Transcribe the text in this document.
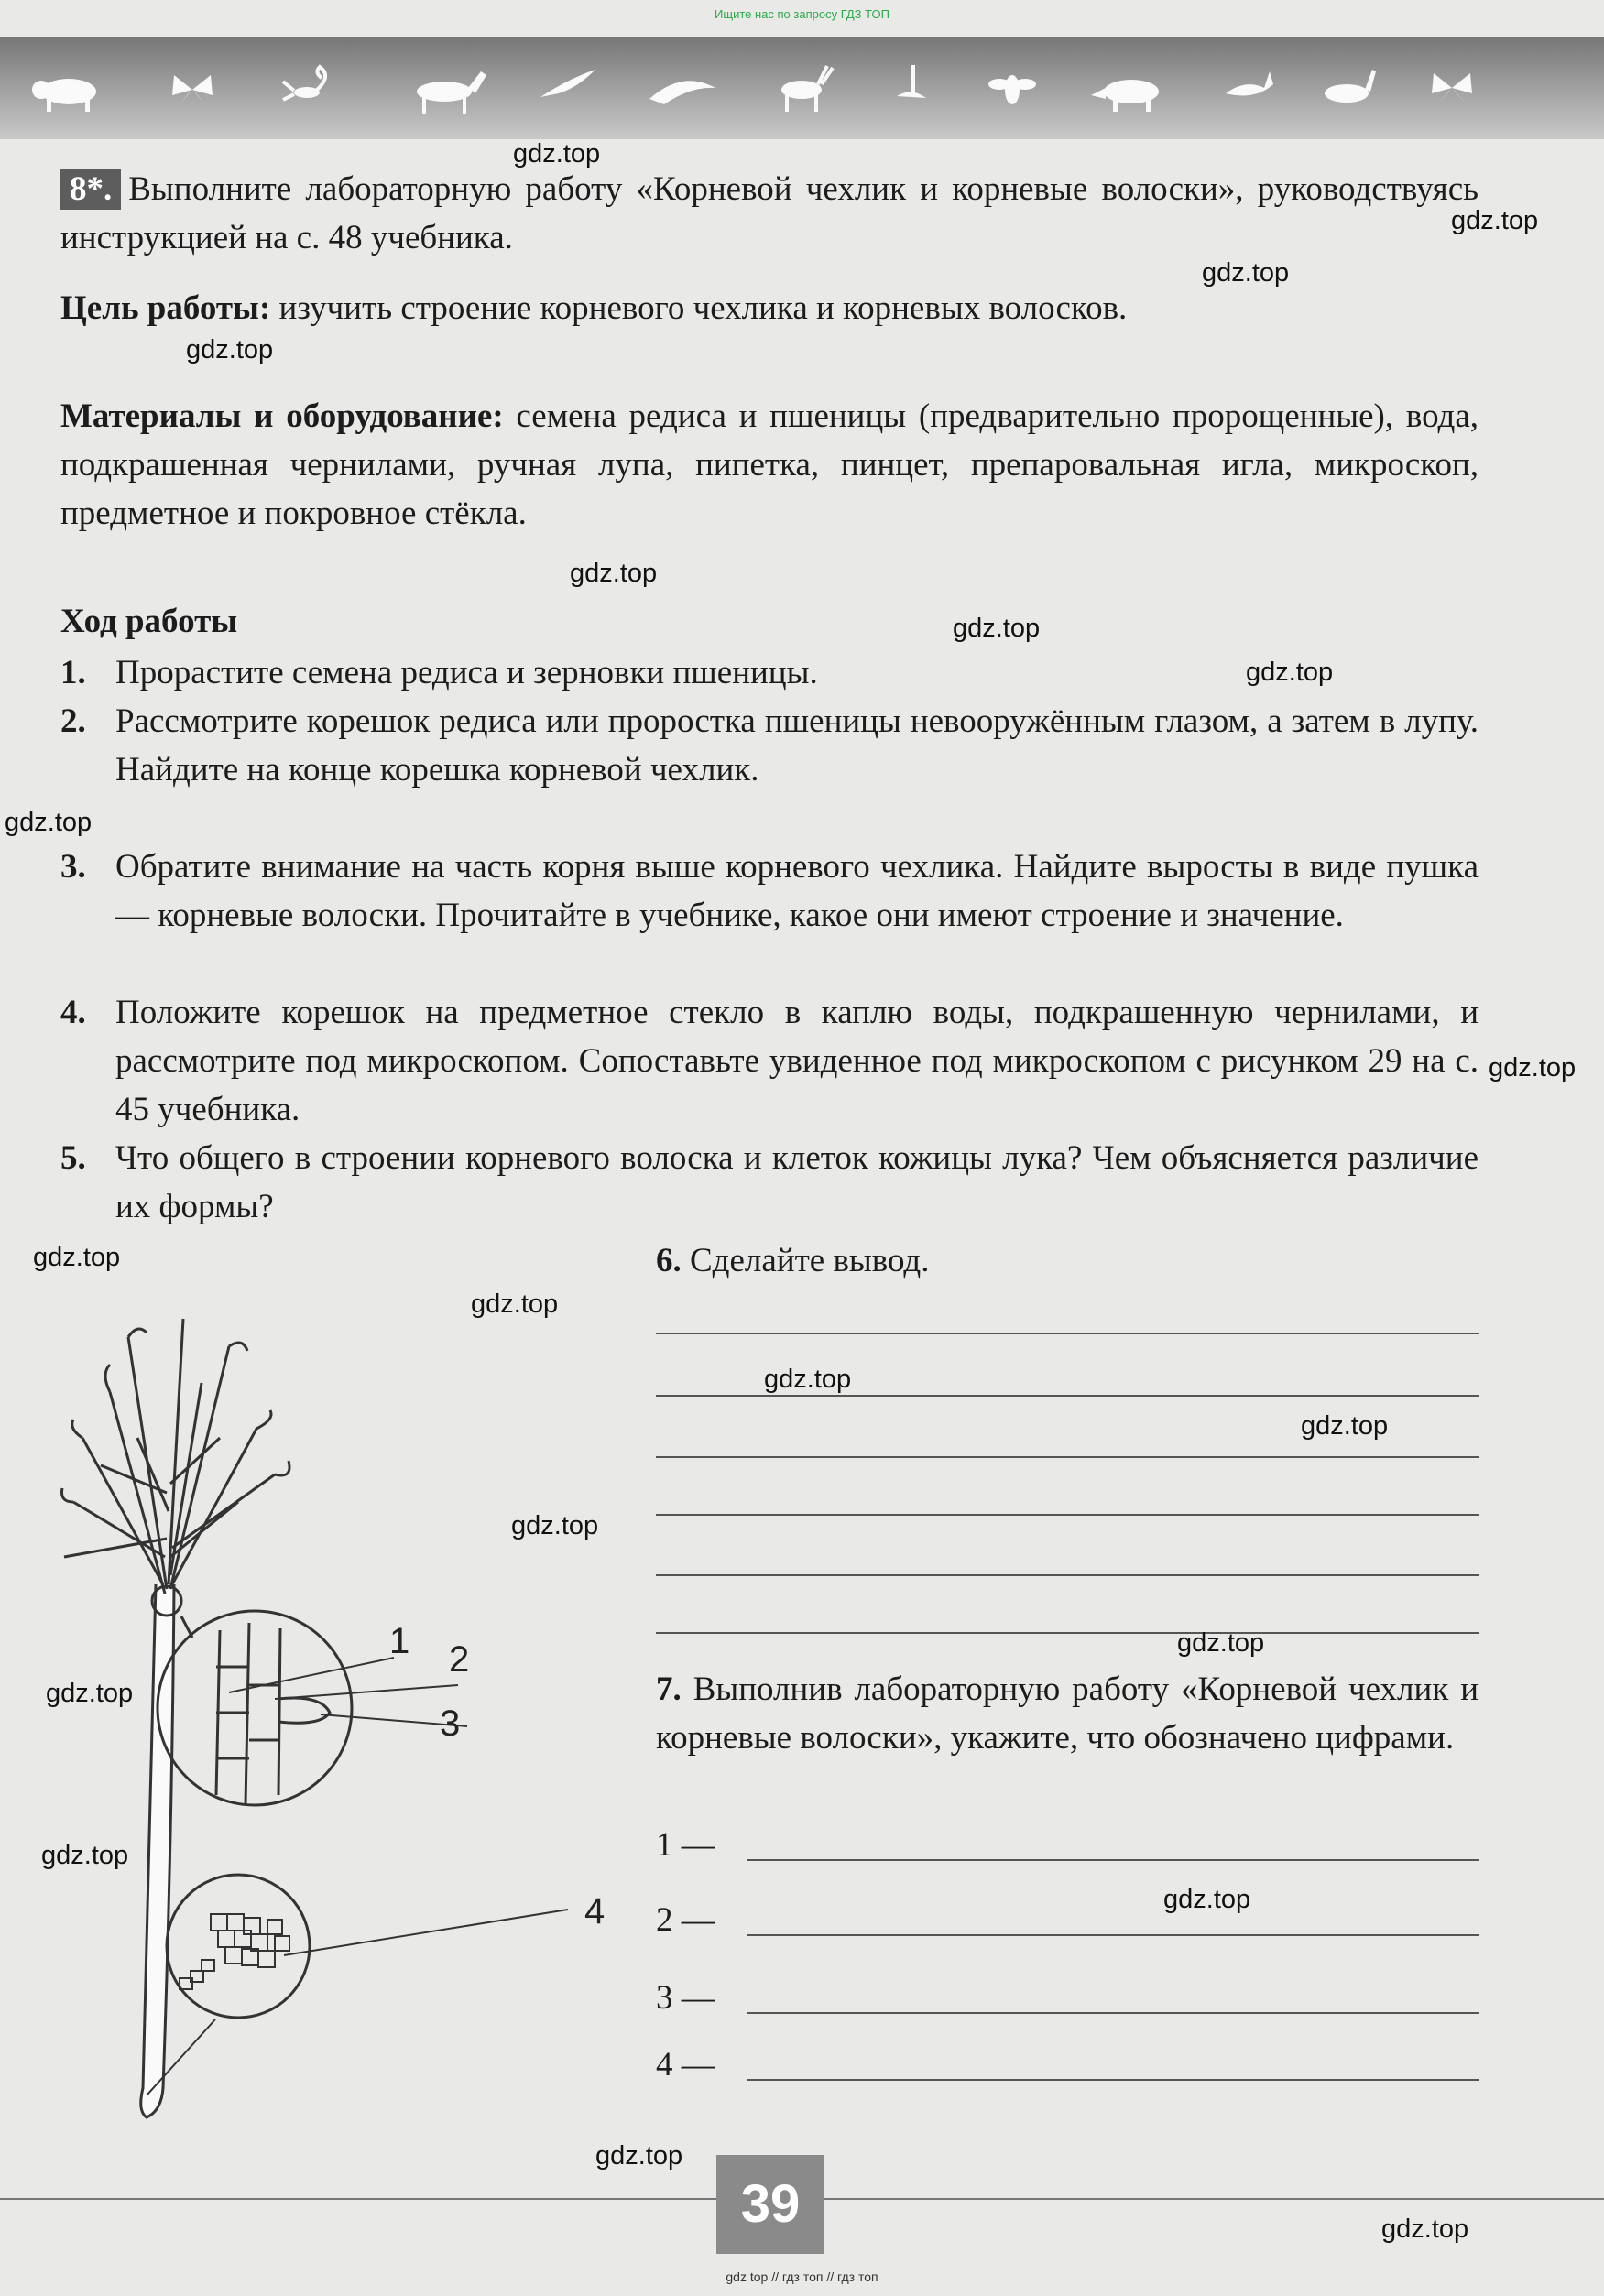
Ищите нас по запросу ГДЗ ТОП
8*. Выполните лабораторную работу «Корневой чехлик и корневые волоски», руководствуясь инструкцией на с. 48 учебника.
Цель работы: изучить строение корневого чехлика и корневых волосков.
Материалы и оборудование: семена редиса и пшеницы (предварительно пророщенные), вода, подкрашенная чернилами, ручная лупа, пипетка, пинцет, препаровальная игла, микроскоп, предметное и покровное стёкла.
Ход работы
1. Прорастите семена редиса и зерновки пшеницы.
2. Рассмотрите корешок редиса или проростка пшеницы невооружённым глазом, а затем в лупу. Найдите на конце корешка корневой чехлик.
3. Обратите внимание на часть корня выше корневого чехлика. Найдите выросты в виде пушка — корневые волоски. Прочитайте в учебнике, какое они имеют строение и значение.
4. Положите корешок на предметное стекло в каплю воды, подкрашенную чернилами, и рассмотрите под микроскопом. Сопоставьте увиденное под микроскопом с рисунком 29 на с. 45 учебника.
5. Что общего в строении корневого волоска и клеток кожицы лука? Чем объясняется различие их формы?
6. Сделайте вывод.
7. Выполнив лабораторную работу «Корневой чехлик и корневые волоски», укажите, что обозначено цифрами.
1 —
2 —
3 —
4 —
1 2
3
4
gdz.top
gdz.top
gdz.top
gdz.top
gdz.top
gdz.top
gdz.top
gdz.top
gdz.top
gdz.top
gdz.top
gdz.top
gdz.top
gdz.top
gdz.top
gdz.top
gdz.top
gdz.top
gdz.top
gdz.top
39
gdz top // гдз топ // гдз топ
